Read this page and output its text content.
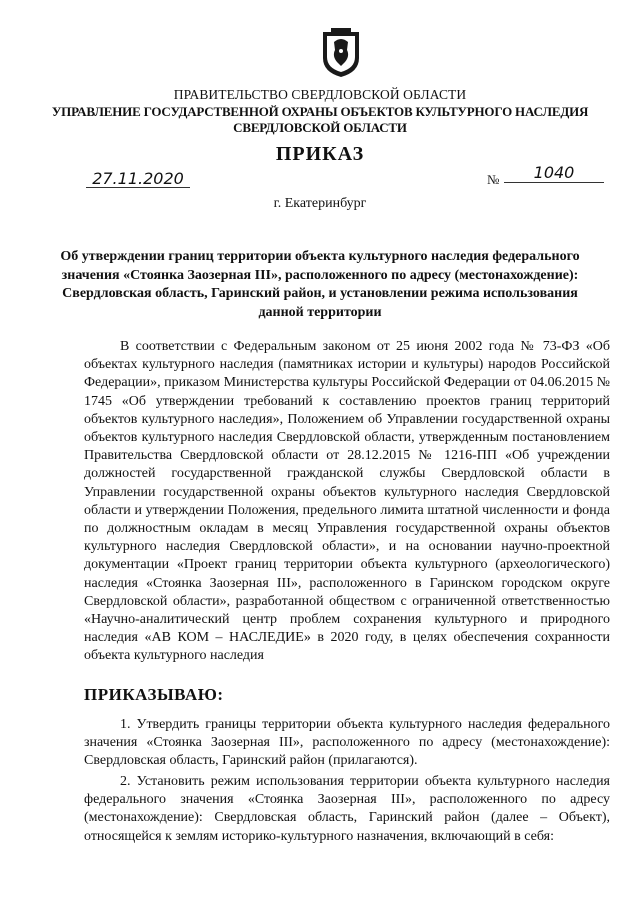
ПРАВИТЕЛЬСТВО СВЕРДЛОВСКОЙ ОБЛАСТИ
УПРАВЛЕНИЕ ГОСУДАРСТВЕННОЙ ОХРАНЫ ОБЪЕКТОВ КУЛЬТУРНОГО НАСЛЕДИЯ СВЕРДЛОВСКОЙ ОБЛАСТИ
ПРИКАЗ
27.11.2020	№	1040
г. Екатеринбург
Об утверждении границ территории объекта культурного наследия федерального значения «Стоянка Заозерная III», расположенного по адресу (местонахождение): Свердловская область, Гаринский район, и установлении режима использования данной территории
В соответствии с Федеральным законом от 25 июня 2002 года № 73-ФЗ «Об объектах культурного наследия (памятниках истории и культуры) народов Российской Федерации», приказом Министерства культуры Российской Федерации от 04.06.2015 № 1745 «Об утверждении требований к составлению проектов границ территорий объектов культурного наследия», Положением об Управлении государственной охраны объектов культурного наследия Свердловской области, утвержденным постановлением Правительства Свердловской области от 28.12.2015 № 1216-ПП «Об учреждении должностей государственной гражданской службы Свердловской области в Управлении государственной охраны объектов культурного наследия Свердловской области и утверждении Положения, предельного лимита штатной численности и фонда по должностным окладам в месяц Управления государственной охраны объектов культурного наследия Свердловской области», и на основании научно-проектной документации «Проект границ территории объекта культурного (археологического) наследия «Стоянка Заозерная III», расположенного в Гаринском городском округе Свердловской области», разработанной обществом с ограниченной ответственностью «Научно-аналитический центр проблем сохранения культурного и природного наследия «АВ КОМ – НАСЛЕДИЕ» в 2020 году, в целях обеспечения сохранности объекта культурного наследия
ПРИКАЗЫВАЮ:
1. Утвердить границы территории объекта культурного наследия федерального значения «Стоянка Заозерная III», расположенного по адресу (местонахождение): Свердловская область, Гаринский район (прилагаются).
2. Установить режим использования территории объекта культурного наследия федерального значения «Стоянка Заозерная III», расположенного по адресу (местонахождение): Свердловская область, Гаринский район (далее – Объект), относящейся к землям историко-культурного назначения, включающий в себя:
